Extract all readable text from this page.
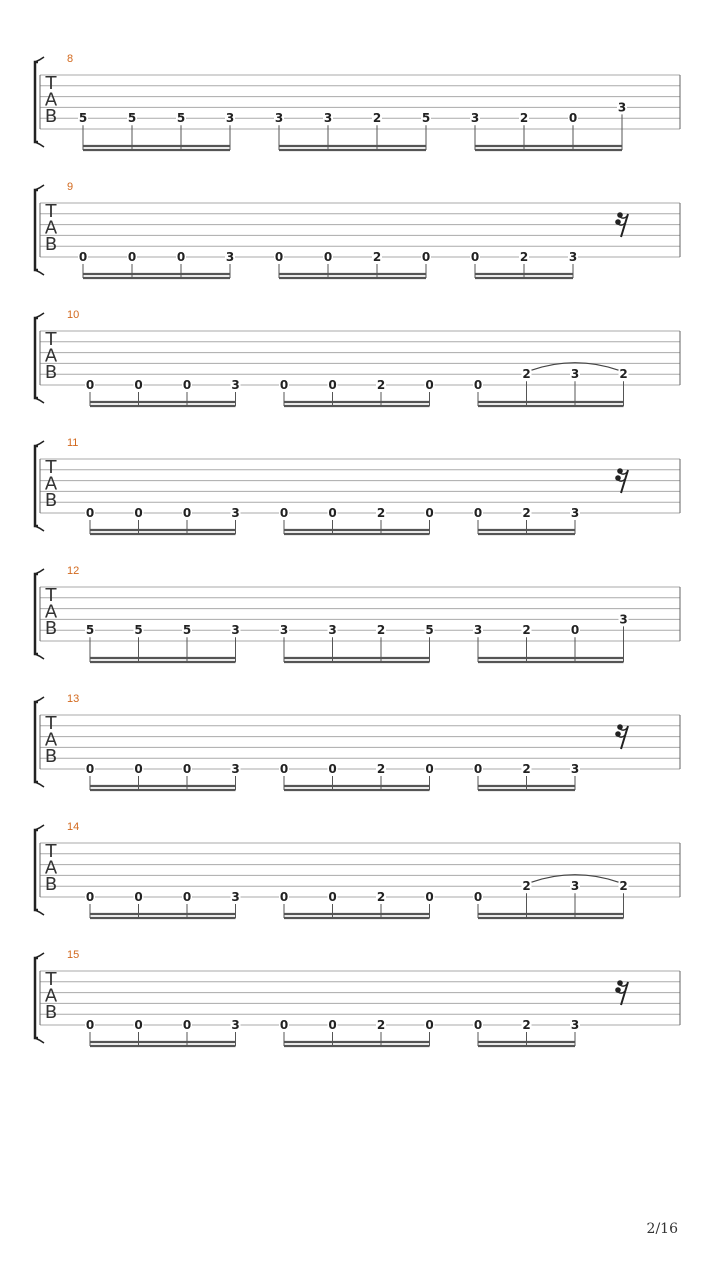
8
T
A
B 5	5	5	3	3	3	2	5	3	2	0
3
9
T
A
B
0	0	0	3	0	0	2	0	0	2	3
10
T
A
B
0	0	0	3	0	0	2	0	0
2	3	2
11
T
A
B
0	0	0	3	0	0	2	0	0	2	3
12
T
A
B 5	5	5	3	3	3	2	5	3	2	0
3
13
T
A
B
0	0	0	3	0	0	2	0	0	2	3
14
T
A
B
0	0	0	3	0	0	2	0	0
2	3	2
15
T
A
B
0	0	0	3	0	0	2	0	0	2	3
2/16
